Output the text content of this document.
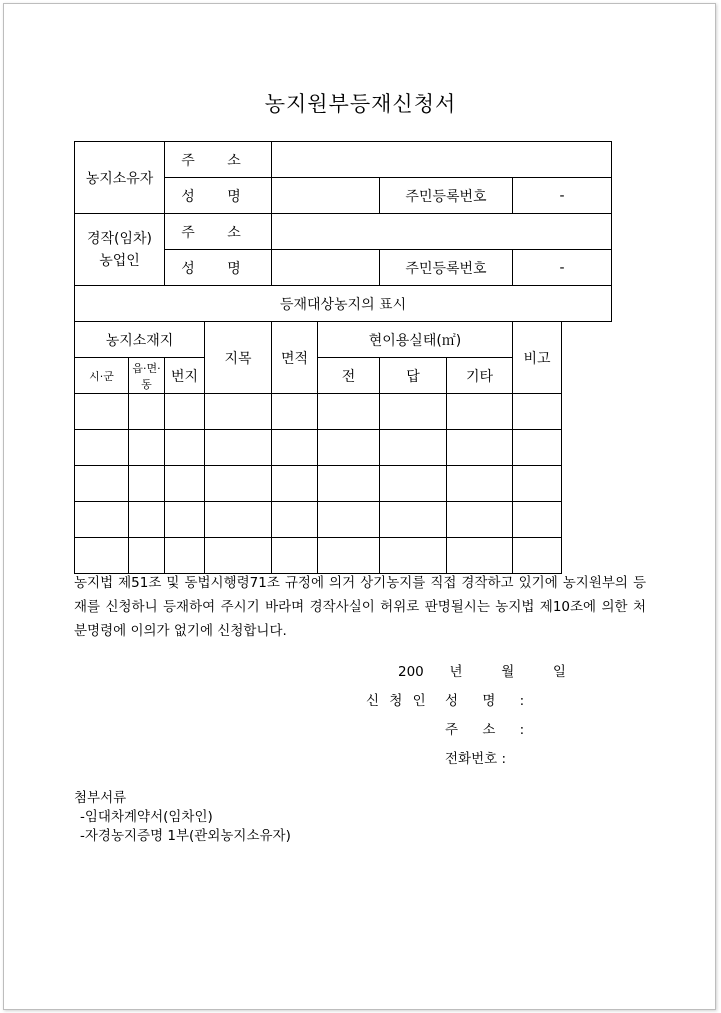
농지원부등재신청서
농지소유자		주 소						
		성 명				주민등록번호		-

경작(임차)
농업인		주 소						
		성 명				주민등록번호		-
등재대상농지의 표시								
농지소재지			지목	면적	현이용실태(㎡)			비고
시·군	읍·면·동	번지			전	답	기타	

농지법 제51조 및 동법시행령71조 규정에 의거 상기농지를 직접 경작하고 있기에 농지원부의 등재를 신청하니 등재하여 주시기 바라며 경작사실이 허위로 판명될시는 농지법 제10조에 의한 처분명령에 이의가 없기에 신청합니다.
200 년	월	일
신 청 인 성 명 :
주 소 :
전화번호 :
첨부서류
-임대차계약서(임차인)
-자경농지증명 1부(관외농지소유자)
